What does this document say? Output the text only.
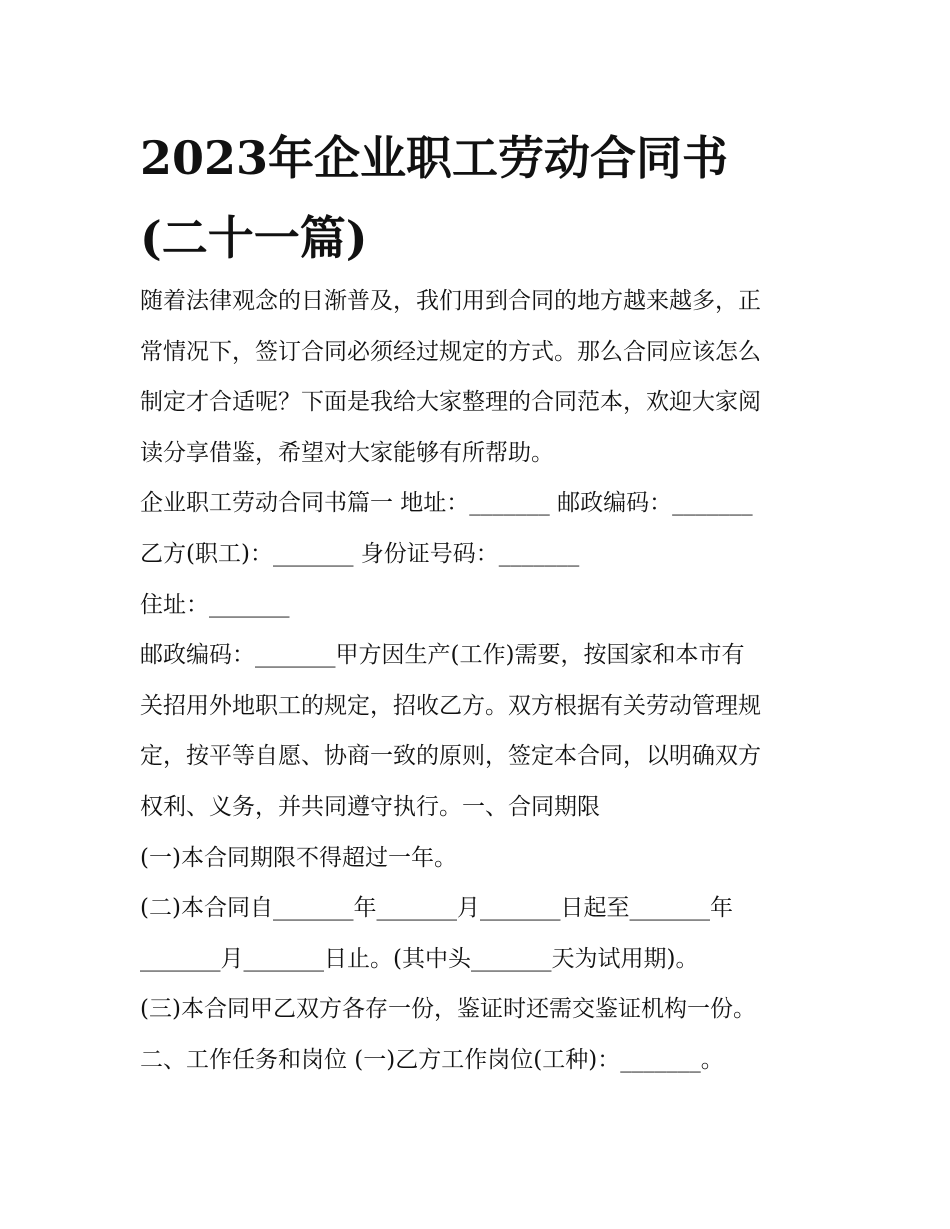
2023年企业职工劳动合同书
(二十一篇)

随着法律观念的日渐普及，我们用到合同的地方越来越多，正
常情况下，签订合同必须经过规定的方式。那么合同应该怎么
制定才合适呢？下面是我给大家整理的合同范本，欢迎大家阅
读分享借鉴，希望对大家能够有所帮助。

企业职工劳动合同书篇一 地址：_______ 邮政编码：_______

乙方(职工)：_______ 身份证号码：_______

住址：_______

邮政编码：_______甲方因生产(工作)需要，按国家和本市有
关招用外地职工的规定，招收乙方。双方根据有关劳动管理规
定，按平等自愿、协商一致的原则，签定本合同，以明确双方
权利、义务，并共同遵守执行。一、合同期限

(一)本合同期限不得超过一年。

(二)本合同自_______年_______月_______日起至_______年
_______月_______日止。(其中头_______天为试用期)。

(三)本合同甲乙双方各存一份，鉴证时还需交鉴证机构一份。

二、工作任务和岗位 (一)乙方工作岗位(工种)：_______。
